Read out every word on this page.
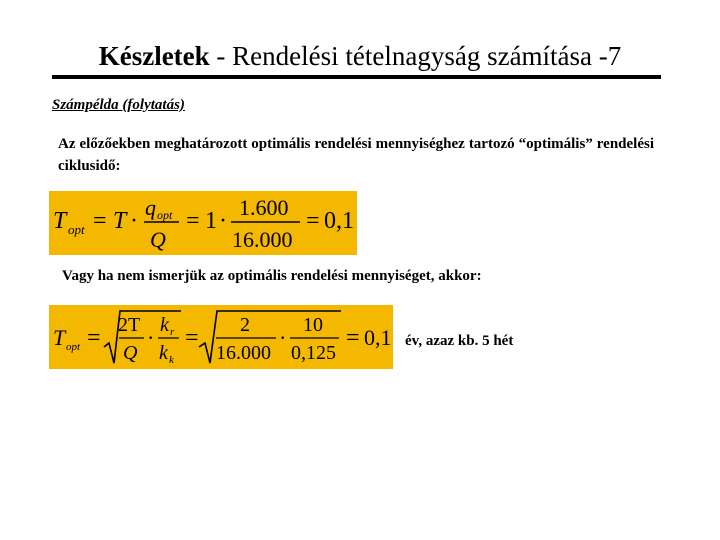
Készletek - Rendelési tételnagyság számítása -7
Számpélda (folytatás)
Az előzőekben meghatározott optimális rendelési mennyiséghez tartozó “optimális” rendelési ciklusidő:
T opt = T ·
q opt
Q
= 1 ·
1.600
16.000
= 0,1
Vagy ha nem ismerjük az optimális rendelési mennyiséget, akkor:
T opt = 2T
Q
· k r
k k
= 2
16.000
· 10
0,125
= 0,1 év, azaz kb. 5 hét
